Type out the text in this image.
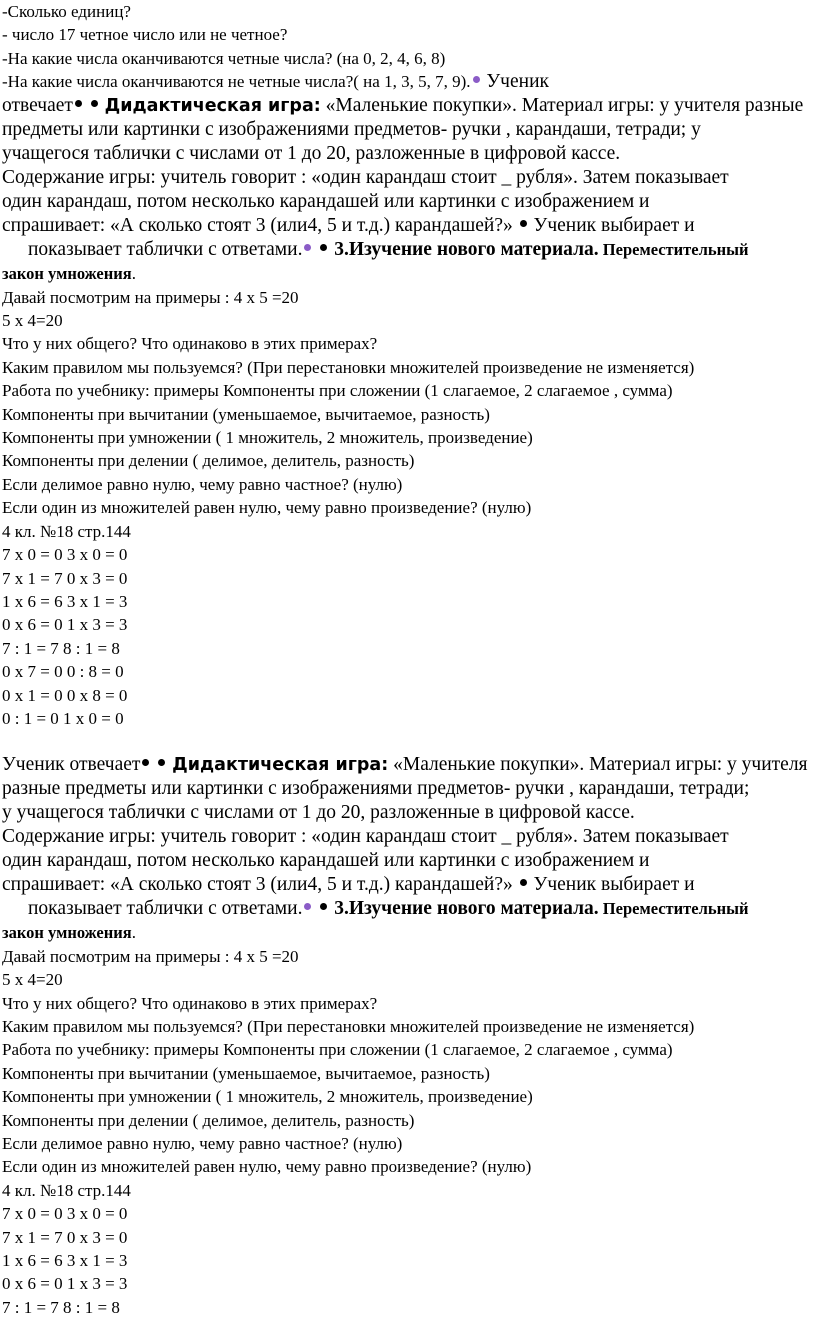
-Сколько единиц?
- число 17 четное число или не четное?
-На какие числа оканчиваются четные числа? (на 0, 2, 4, 6, 8)
-На какие числа оканчиваются не четные числа?( на 1, 3, 5, 7, 9). Ученик
отвечает Дидактическая игра: «Маленькие покупки». Материал игры: у учителя разные
предметы или картинки с изображениями предметов- ручки , карандаши, тетради; у
учащегося таблички с числами от 1 до 20, разложенные в цифровой кассе.
Содержание игры: учитель говорит : «один карандаш стоит _ рубля». Затем показывает
один карандаш, потом несколько карандашей или картинки с изображением и
спрашивает: «А сколько стоят 3 (или4, 5 и т.д.) карандашей?»  Ученик выбирает и
показывает таблички с ответами.  3.Изучение нового материала. Переместительный
закон умножения.
Давай посмотрим на примеры : 4 х 5 =20
5 х 4=20
Что у них общего? Что одинаково в этих примерах?
Каким правилом мы пользуемся? (При перестановки множителей произведение не изменяется)
Работа по учебнику: примеры Компоненты при сложении (1 слагаемое, 2 слагаемое , сумма)
Компоненты при вычитании (уменьшаемое, вычитаемое, разность)
Компоненты при умножении ( 1 множитель, 2 множитель, произведение)
Компоненты при делении ( делимое, делитель, разность)
Если делимое равно нулю, чему равно частное? (нулю)
Если один из множителей равен нулю, чему равно произведение? (нулю)
4 кл. №18 стр.144
7 х 0 = 0 3 х 0 = 0
7 х 1 = 7 0 х 3 = 0
1 х 6 = 6 3 х 1 = 3
0 х 6 = 0 1 х 3 = 3
7 : 1 = 7 8 : 1 = 8
0 х 7 = 0 0 : 8 = 0
0 х 1 = 0 0 х 8 = 0
0 : 1 = 0 1 х 0 = 0
Ученик отвечает Дидактическая игра: «Маленькие покупки». Материал игры: у учителя
разные предметы или картинки с изображениями предметов- ручки , карандаши, тетради;
у учащегося таблички с числами от 1 до 20, разложенные в цифровой кассе.
Содержание игры: учитель говорит : «один карандаш стоит _ рубля». Затем показывает
один карандаш, потом несколько карандашей или картинки с изображением и
спрашивает: «А сколько стоят 3 (или4, 5 и т.д.) карандашей?»  Ученик выбирает и
показывает таблички с ответами.  3.Изучение нового материала. Переместительный
закон умножения.
Давай посмотрим на примеры : 4 х 5 =20
5 х 4=20
Что у них общего? Что одинаково в этих примерах?
Каким правилом мы пользуемся? (При перестановки множителей произведение не изменяется)
Работа по учебнику: примеры Компоненты при сложении (1 слагаемое, 2 слагаемое , сумма)
Компоненты при вычитании (уменьшаемое, вычитаемое, разность)
Компоненты при умножении ( 1 множитель, 2 множитель, произведение)
Компоненты при делении ( делимое, делитель, разность)
Если делимое равно нулю, чему равно частное? (нулю)
Если один из множителей равен нулю, чему равно произведение? (нулю)
4 кл. №18 стр.144
7 х 0 = 0 3 х 0 = 0
7 х 1 = 7 0 х 3 = 0
1 х 6 = 6 3 х 1 = 3
0 х 6 = 0 1 х 3 = 3
7 : 1 = 7 8 : 1 = 8
